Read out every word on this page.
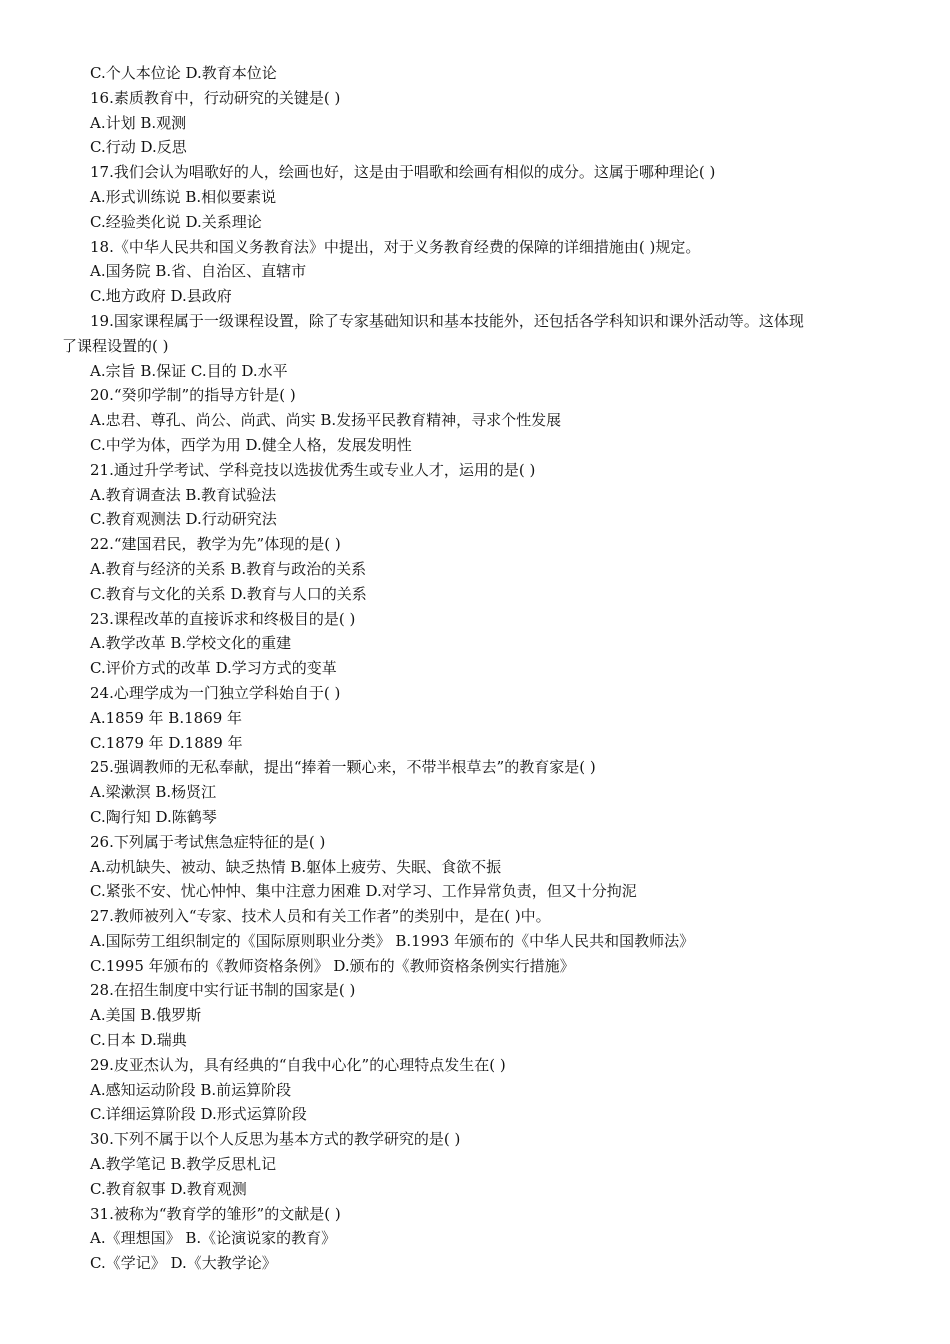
C.个人本位论 D.教育本位论
16.素质教育中，行动研究的关键是( )
A.计划 B.观测
C.行动 D.反思
17.我们会认为唱歌好的人，绘画也好，这是由于唱歌和绘画有相似的成分。这属于哪种理论( )
A.形式训练说 B.相似要素说
C.经验类化说 D.关系理论
18.《中华人民共和国义务教育法》中提出，对于义务教育经费的保障的详细措施由( )规定。
A.国务院 B.省、自治区、直辖市
C.地方政府 D.县政府
19.国家课程属于一级课程设置，除了专家基础知识和基本技能外，还包括各学科知识和课外活动等。这体现
了课程设置的( )
A.宗旨 B.保证 C.目的 D.水平
20.“癸卯学制”的指导方针是( )
A.忠君、尊孔、尚公、尚武、尚实 B.发扬平民教育精神，寻求个性发展
C.中学为体，西学为用 D.健全人格，发展发明性
21.通过升学考试、学科竞技以选拔优秀生或专业人才，运用的是( )
A.教育调查法 B.教育试验法
C.教育观测法 D.行动研究法
22.“建国君民，教学为先”体现的是( )
A.教育与经济的关系 B.教育与政治的关系
C.教育与文化的关系 D.教育与人口的关系
23.课程改革的直接诉求和终极目的是( )
A.教学改革 B.学校文化的重建
C.评价方式的改革 D.学习方式的变革
24.心理学成为一门独立学科始自于( )
A.1859 年 B.1869 年
C.1879 年 D.1889 年
25.强调教师的无私奉献，提出“捧着一颗心来，不带半根草去”的教育家是( )
A.梁漱溟 B.杨贤江
C.陶行知 D.陈鹤琴
26.下列属于考试焦急症特征的是( )
A.动机缺失、被动、缺乏热情 B.躯体上疲劳、失眠、食欲不振
C.紧张不安、忧心忡忡、集中注意力困难 D.对学习、工作异常负责，但又十分拘泥
27.教师被列入“专家、技术人员和有关工作者”的类别中，是在( )中。
A.国际劳工组织制定的《国际原则职业分类》 B.1993 年颁布的《中华人民共和国教师法》
C.1995 年颁布的《教师资格条例》 D.颁布的《教师资格条例实行措施》
28.在招生制度中实行证书制的国家是( )
A.美国 B.俄罗斯
C.日本 D.瑞典
29.皮亚杰认为，具有经典的“自我中心化”的心理特点发生在( )
A.感知运动阶段 B.前运算阶段
C.详细运算阶段 D.形式运算阶段
30.下列不属于以个人反思为基本方式的教学研究的是( )
A.教学笔记 B.教学反思札记
C.教育叙事 D.教育观测
31.被称为“教育学的雏形”的文献是( )
A.《理想国》 B.《论演说家的教育》
C.《学记》 D.《大教学论》
